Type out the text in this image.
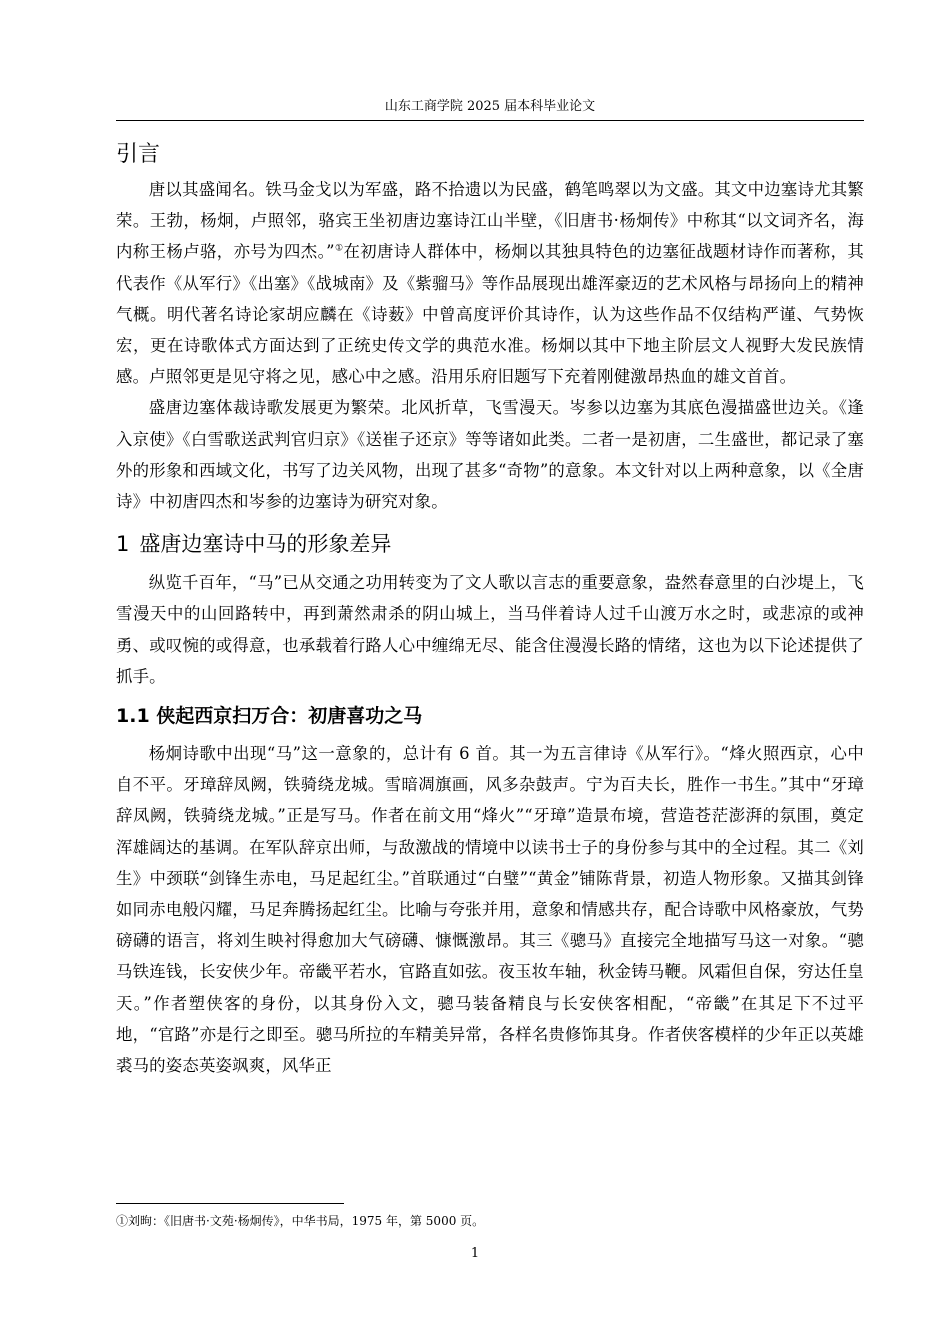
山东工商学院 2025 届本科毕业论文
引言

唐以其盛闻名。铁马金戈以为军盛，路不拾遗以为民盛，鹤笔鸣翠以为文盛。其文中边塞诗尤其繁荣。王勃，杨炯，卢照邻，骆宾王坐初唐边塞诗江山半壁，《旧唐书·杨炯传》中称其“以文词齐名，海内称王杨卢骆，亦号为四杰。”①在初唐诗人群体中，杨炯以其独具特色的边塞征战题材诗作而著称，其代表作《从军行》《出塞》《战城南》及《紫骝马》等作品展现出雄浑豪迈的艺术风格与昂扬向上的精神气概。明代著名诗论家胡应麟在《诗薮》中曾高度评价其诗作，认为这些作品不仅结构严谨、气势恢宏，更在诗歌体式方面达到了正统史传文学的典范水准。杨炯以其中下地主阶层文人视野大发民族情感。卢照邻更是见守将之见，感心中之感。沿用乐府旧题写下充着刚健激昂热血的雄文首首。

盛唐边塞体裁诗歌发展更为繁荣。北风折草，飞雪漫天。岑参以边塞为其底色漫描盛世边关。《逢入京使》《白雪歌送武判官归京》《送崔子还京》等等诸如此类。二者一是初唐，二生盛世，都记录了塞外的形象和西域文化，书写了边关风物，出现了甚多“奇物”的意象。本文针对以上两种意象，以《全唐诗》中初唐四杰和岑参的边塞诗为研究对象。

1 盛唐边塞诗中马的形象差异

纵览千百年，“马”已从交通之功用转变为了文人歌以言志的重要意象，盎然春意里的白沙堤上，飞雪漫天中的山回路转中，再到萧然肃杀的阴山城上，当马伴着诗人过千山渡万水之时，或悲凉的或神勇、或叹惋的或得意，也承载着行路人心中缠绵无尽、能含住漫漫长路的情绪，这也为以下论述提供了抓手。

1.1 侠起西京扫万合：初唐喜功之马

杨炯诗歌中出现“马”这一意象的，总计有 6 首。其一为五言律诗《从军行》。“烽火照西京，心中自不平。牙璋辞凤阙，铁骑绕龙城。雪暗凋旗画，风多杂鼓声。宁为百夫长，胜作一书生。”其中“牙璋辞凤阙，铁骑绕龙城。”正是写马。作者在前文用“烽火”“牙璋”造景布境，营造苍茫澎湃的氛围，奠定浑雄阔达的基调。在军队辞京出师，与敌激战的情境中以读书士子的身份参与其中的全过程。其二《刘生》中颈联“剑锋生赤电，马足起红尘。”首联通过“白璧”“黄金”铺陈背景，初造人物形象。又描其剑锋如同赤电般闪耀，马足奔腾扬起红尘。比喻与夸张并用，意象和情感共存，配合诗歌中风格豪放，气势磅礴的语言，将刘生映衬得愈加大气磅礴、慷慨激昂。其三《骢马》直接完全地描写马这一对象。“骢马铁连钱，长安侠少年。帝畿平若水，官路直如弦。夜玉妆车轴，秋金铸马鞭。风霜但自保，穷达任皇天。”作者塑侠客的身份，以其身份入文，骢马装备精良与长安侠客相配，“帝畿”在其足下不过平地，“官路”亦是行之即至。骢马所拉的车精美异常，各样名贵修饰其身。作者侠客模样的少年正以英雄裘马的姿态英姿飒爽，风华正

①刘昫：《旧唐书·文苑·杨炯传》，中华书局，1975 年，第 5000 页。
1
